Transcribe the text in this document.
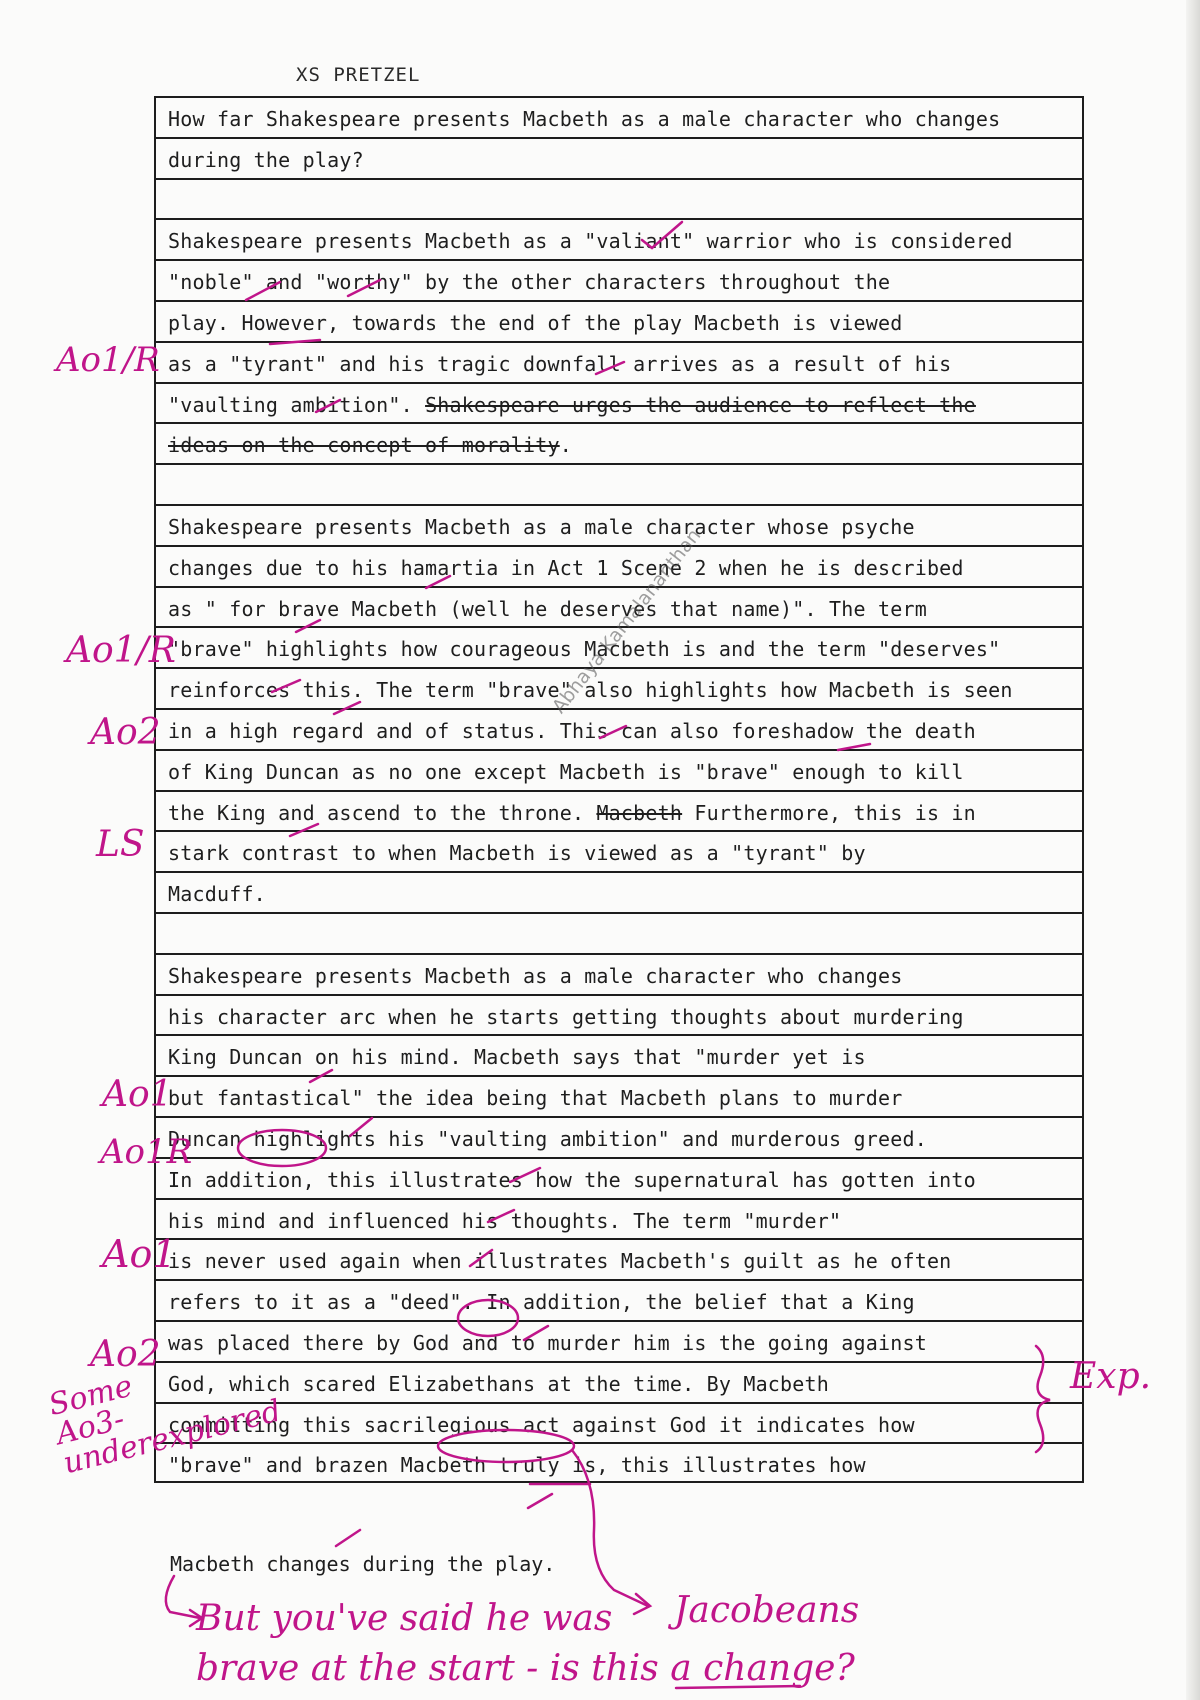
XS PRETZEL
How far Shakespeare presents Macbeth as a male character who changes
during the play?
Shakespeare presents Macbeth as a "valiant" warrior who is considered
"noble" and "worthy" by the other characters throughout the
play. However, towards the end of the play Macbeth is viewed
as a "tyrant" and his tragic downfall arrives as a result of his
"vaulting ambition". Shakespeare urges the audience to reflect the
ideas on the concept of morality.
Shakespeare presents Macbeth as a male character whose psyche
changes due to his hamartia in Act 1 Scene 2 when he is described
as " for brave Macbeth (well he deserves that name)". The term
"brave" highlights how courageous Macbeth is and the term "deserves"
reinforces this. The term "brave" also highlights how Macbeth is seen
in a high regard and of status. This can also foreshadow the death
of King Duncan as no one except Macbeth is "brave" enough to kill
the King and ascend to the throne. Macbeth Furthermore, this is in
stark contrast to when Macbeth is viewed as a "tyrant" by
Macduff.
Shakespeare presents Macbeth as a male character who changes
his character arc when he starts getting thoughts about murdering
King Duncan on his mind. Macbeth says that "murder yet is
but fantastical" the idea being that Macbeth plans to murder
Duncan highlights his "vaulting ambition" and murderous greed.
In addition, this illustrates how the supernatural has gotten into
his mind and influenced his thoughts. The term "murder"
is never used again when illustrates Macbeth's guilt as he often
refers to it as a "deed". In addition, the belief that a King
was placed there by God and to murder him is the going against
God, which scared Elizabethans at the time. By Macbeth
committing this sacrilegious act against God it indicates how
"brave" and brazen Macbeth truly is, this illustrates how
Macbeth changes during the play.
Ao1/R
Ao1/R
Ao2
LS
Ao1
Ao1R
Ao1
Ao2
Some
Ao3-
underexplored
Exp.
Jacobeans
But you've said he was
brave at the start - is this a change?
Abhaya Kamalananthan
